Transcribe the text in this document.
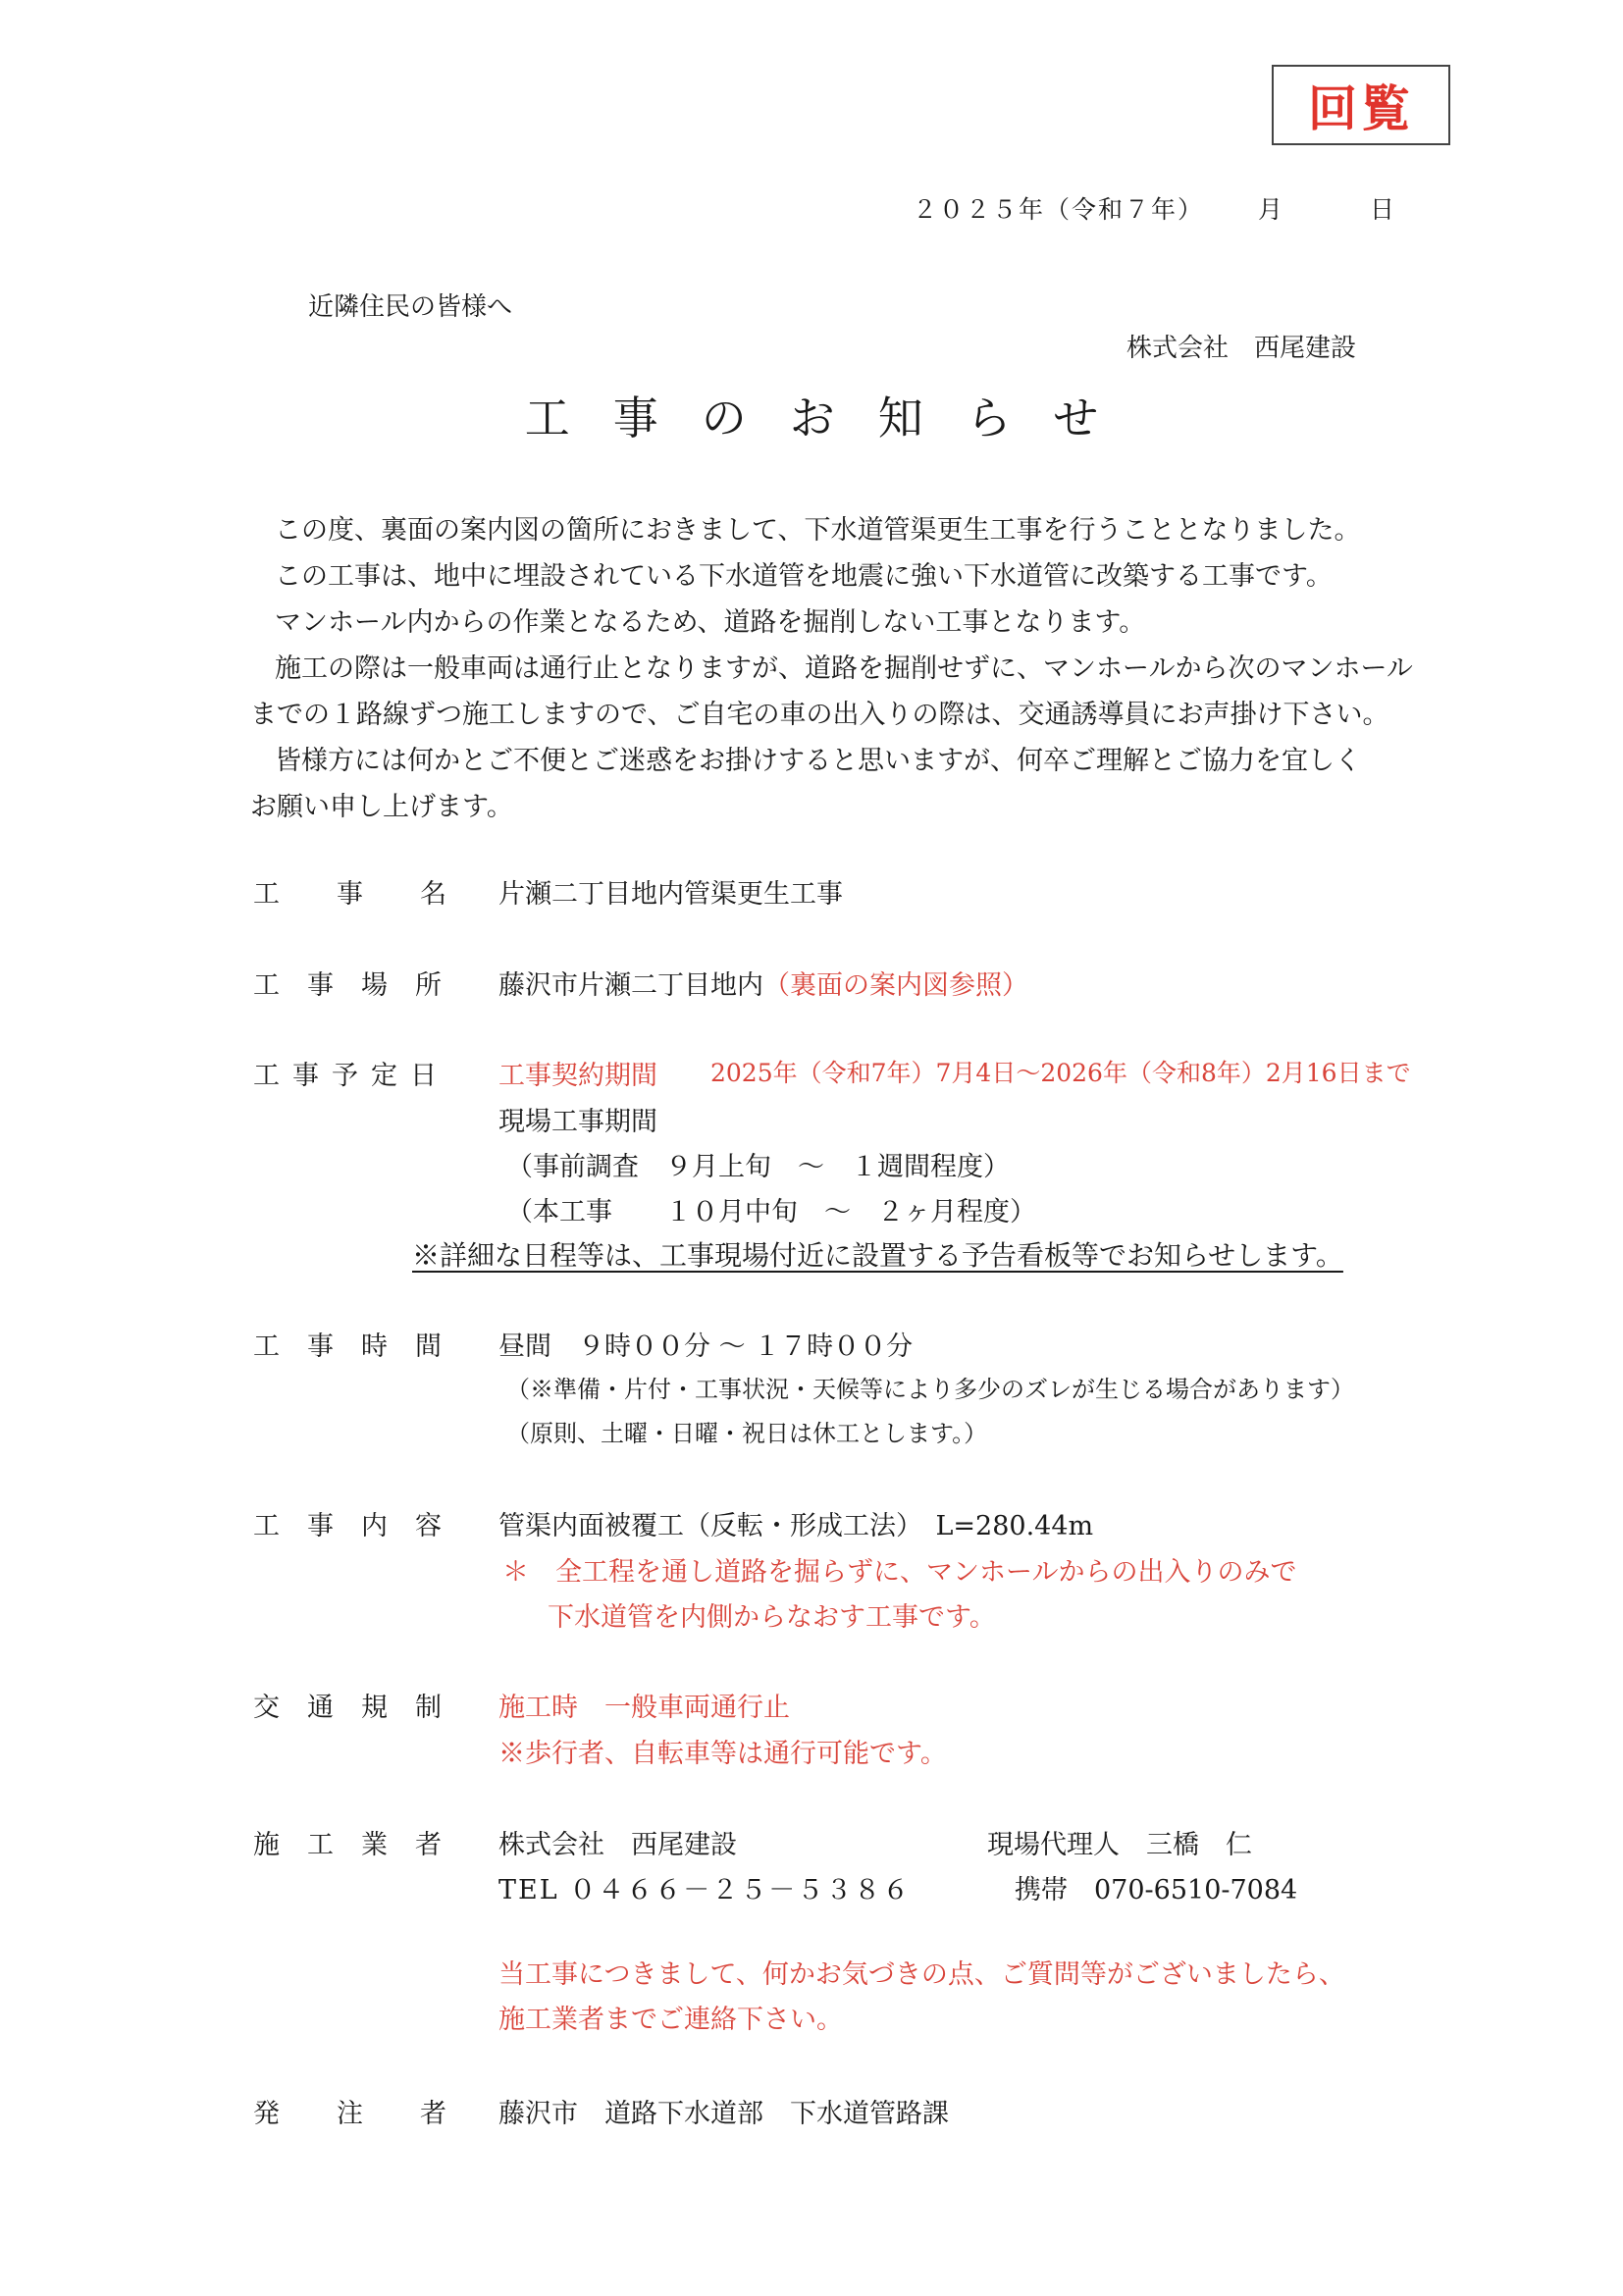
回覧
２０２５年（令和７年） 月	日
近隣住民の皆様へ
株式会社　西尾建設
工事のお知らせ
この度、裏面の案内図の箇所におきまして、下水道管渠更生工事を行うこととなりました。
この工事は、地中に埋設されている下水道管を地震に強い下水道管に改築する工事です。
マンホール内からの作業となるため、道路を掘削しない工事となります。
施工の際は一般車両は通行止となりますが、道路を掘削せずに、マンホールから次のマンホール
までの１路線ずつ施工しますので、ご自宅の車の出入りの際は、交通誘導員にお声掛け下さい。
皆様方には何かとご不便とご迷惑をお掛けすると思いますが、何卒ご理解とご協力を宜しく
お願い申し上げます。
工事名
片瀬二丁目地内管渠更生工事
工事場所 藤沢市片瀬二丁目地内（裏面の案内図参照）
工事予定日 工事契約期間 2025年（令和7年）7月4日～2026年（令和8年）2月16日まで
現場工事期間
（事前調査　９月上旬　～　１週間程度）
（本工事　　１０月中旬　～　２ヶ月程度）
※詳細な日程等は、工事現場付近に設置する予告看板等でお知らせします。
工事時間 昼間　９時００分 ～ １７時００分
（※準備・片付・工事状況・天候等により多少のズレが生じる場合があります）
（原則、土曜・日曜・祝日は休工とします。）
工事内容 管渠内面被覆工（反転・形成工法）　L=280.44m
＊　全工程を通し道路を掘らずに、マンホールからの出入りのみで
下水道管を内側からなおす工事です。
交通規制 施工時　一般車両通行止
※歩行者、自転車等は通行可能です。
施工業者 株式会社　西尾建設
TEL ０４６６－２５－５３８６
現場代理人　三橋　仁
携帯　070-6510-7084
当工事につきまして、何かお気づきの点、ご質問等がございましたら、
施工業者までご連絡下さい。
発注者
藤沢市　道路下水道部　下水道管路課
